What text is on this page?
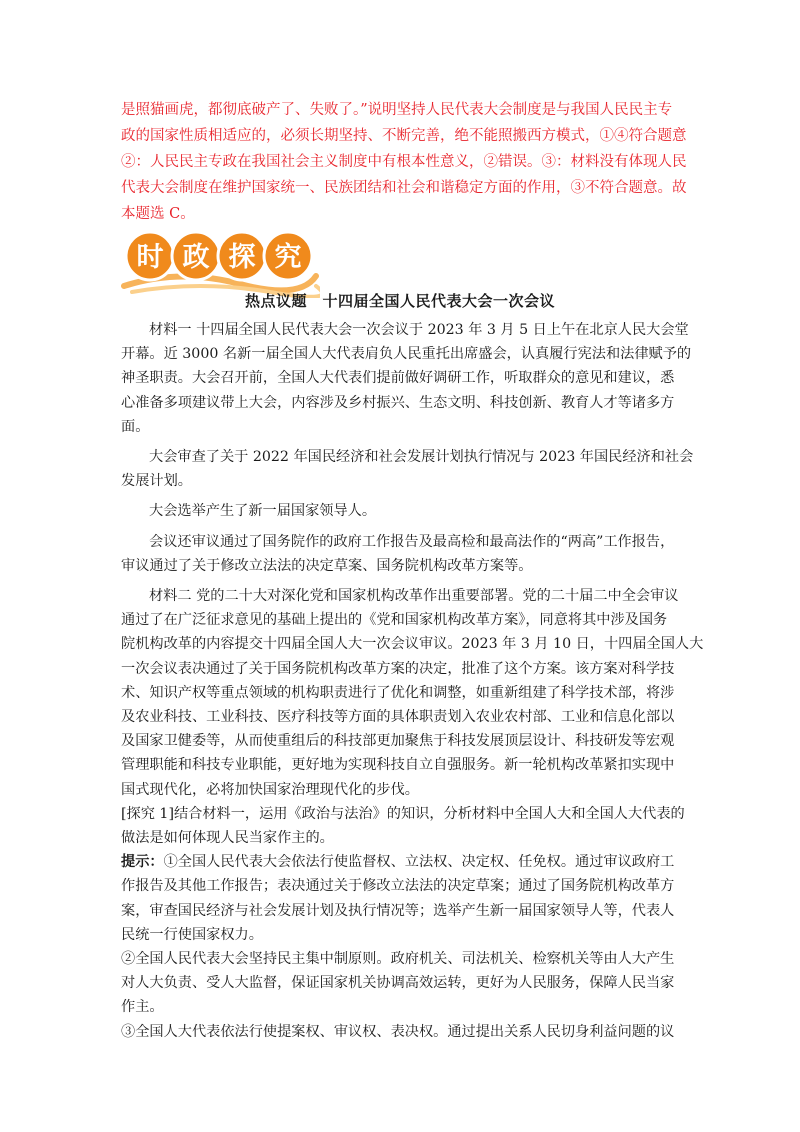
是照猫画虎，都彻底破产了、失败了。”说明坚持人民代表大会制度是与我国人民民主专
政的国家性质相适应的，必须长期坚持、不断完善，绝不能照搬西方模式，①④符合题意
②：人民民主专政在我国社会主义制度中有根本性意义，②错误。③：材料没有体现人民
代表大会制度在维护国家统一、民族团结和社会和谐稳定方面的作用，③不符合题意。故
本题选 C。
时 政 探 究
热点议题　十四届全国人民代表大会一次会议
材料一 十四届全国人民代表大会一次会议于 2023 年 3 月 5 日上午在北京人民大会堂
开幕。近 3000 名新一届全国人大代表肩负人民重托出席盛会，认真履行宪法和法律赋予的
神圣职责。大会召开前，全国人大代表们提前做好调研工作，听取群众的意见和建议，悉
心准备多项建议带上大会，内容涉及乡村振兴、生态文明、科技创新、教育人才等诸多方
面。
大会审查了关于 2022 年国民经济和社会发展计划执行情况与 2023 年国民经济和社会
发展计划。
大会选举产生了新一届国家领导人。
会议还审议通过了国务院作的政府工作报告及最高检和最高法作的“两高”工作报告，
审议通过了关于修改立法法的决定草案、国务院机构改革方案等。
材料二 党的二十大对深化党和国家机构改革作出重要部署。党的二十届二中全会审议
通过了在广泛征求意见的基础上提出的《党和国家机构改革方案》，同意将其中涉及国务
院机构改革的内容提交十四届全国人大一次会议审议。2023 年 3 月 10 日，十四届全国人大
一次会议表决通过了关于国务院机构改革方案的决定，批准了这个方案。该方案对科学技
术、知识产权等重点领域的机构职责进行了优化和调整，如重新组建了科学技术部，将涉
及农业科技、工业科技、医疗科技等方面的具体职责划入农业农村部、工业和信息化部以
及国家卫健委等，从而使重组后的科技部更加聚焦于科技发展顶层设计、科技研发等宏观
管理职能和科技专业职能，更好地为实现科技自立自强服务。新一轮机构改革紧扣实现中
国式现代化，必将加快国家治理现代化的步伐。
[探究 1]结合材料一，运用《政治与法治》的知识，分析材料中全国人大和全国人大代表的
做法是如何体现人民当家作主的。
提示：①全国人民代表大会依法行使监督权、立法权、决定权、任免权。通过审议政府工
作报告及其他工作报告；表决通过关于修改立法法的决定草案；通过了国务院机构改革方
案，审查国民经济与社会发展计划及执行情况等；选举产生新一届国家领导人等，代表人
民统一行使国家权力。
②全国人民代表大会坚持民主集中制原则。政府机关、司法机关、检察机关等由人大产生
对人大负责、受人大监督，保证国家机关协调高效运转，更好为人民服务，保障人民当家
作主。
③全国人大代表依法行使提案权、审议权、表决权。通过提出关系人民切身利益问题的议
